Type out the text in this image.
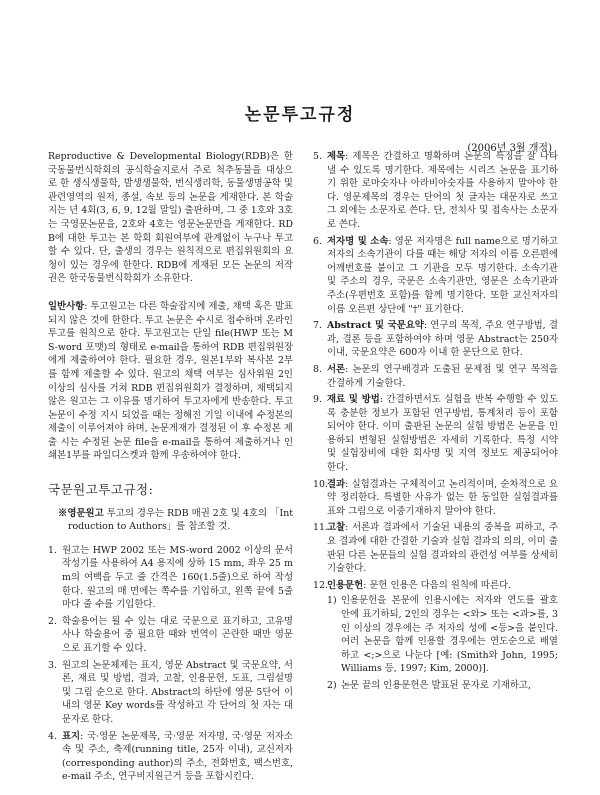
논문투고규정
(2006년 3월 개정)

Reproductive & Developmental Biology(RDB)은 한국동물번식학회의 공식학술지로서 주로 척추동물을 대상으로 한 생식생물학, 발생생물학, 번식생리학, 동물생명공학 및 관련영역의 원저, 종설, 속보 등의 논문을 게재한다. 본 학술지는 년 4회(3, 6, 9, 12월 말일) 출판하며, 그 중 1호와 3호는 국영문논문을, 2호와 4호는 영문논문만을 게재한다. RDB에 대한 투고는 본 학회 회원여부에 관계없이 누구나 투고할 수 있다. 단, 출생의 경우는 원칙적으로 편집위원회의 요청이 있는 경우에 한한다. RDB에 게재된 모든 논문의 저작권은 한국동물번식학회가 소유한다.

일반사항: 투고원고는 다른 학술잡지에 제출, 채택 혹은 발표되지 않은 것에 한한다. 투고 논문은 수시로 접수하며 온라인 투고를 원칙으로 한다. 투고원고는 단일 file(HWP 또는 MS-word 포맷)의 형태로 e-mail을 통하여 RDB 편집위원장에게 제출하여야 한다. 필요한 경우, 원본1부와 복사본 2부를 함께 제출할 수 있다. 원고의 채택 여부는 심사위원 2인 이상의 심사를 거쳐 RDB 편집위원회가 결정하며, 채택되지 않은 원고는 그 이유를 명기하여 투고자에게 반송한다. 투고 논문이 수정 지시 되었을 때는 정해진 기일 이내에 수정본의 제출이 이루어져야 하며, 논문게재가 결정된 이 후 수정본 제출 시는 수정된 논문 file을 e-mail을 통하여 제출하거나 인쇄본1부를 파일디스켓과 함께 우송하여야 한다.

국문원고투고규정:

※영문원고 투고의 경우는 RDB 매권 2호 및 4호의 「Introduction to Authors」를 참조할 것.

1. 원고는 HWP 2002 또는 MS-word 2002 이상의 문서작성기를 사용하여 A4 용지에 상하 15 mm, 좌우 25 mm의 여백을 두고 줄 간격은 160(1.5줄)으로 하여 작성한다. 원고의 매 면에는 쪽수를 기입하고, 왼쪽 끝에 5줄마다 줄 수를 기입한다.
2. 학술용어는 될 수 있는 대로 국문으로 표기하고, 고유명사나 학술용어 중 필요한 때와 번역이 곤란한 때만 영문으로 표기할 수 있다.
3. 원고의 논문체제는 표지, 영문 Abstract 및 국문요약, 서론, 재료 및 방법, 결과, 고찰, 인용문헌, 도표, 그림설명 및 그림 순으로 한다. Abstract의 하단에 영문 5단어 이내의 영문 Key words를 작성하고 각 단어의 첫 자는 대문자로 한다.
4. 표지: 국·영문 논문제목, 국·영문 저자명, 국·영문 저자소속 및 주소, 축제(running title, 25자 이내), 교신저자(corresponding author)의 주소, 전화번호, 팩스번호, e-mail 주소, 연구비지원근거 등을 포함시킨다.
5. 제목: 제목은 간결하고 명확하며 논문의 특징을 잘 나타낼 수 있도록 명기한다. 제목에는 시리즈 논문을 표기하기 위한 로마숫자나 아라비아숫자를 사용하지 말아야 한다. 영문제목의 경우는 단어의 첫 글자는 대문자로 쓰고 그 외에는 소문자로 쓴다. 단, 전치사 및 접속사는 소문자로 쓴다.
6. 저자명 및 소속: 영문 저자명은 full name으로 명기하고 저자의 소속기관이 다를 때는 해당 저자의 이름 오른편에 어깨번호를 붙이고 그 기관을 모두 명기한다. 소속기관 및 주소의 경우, 국문은 소속기관만, 영문은 소속기관과 주소(우편번호 포함)를 함께 명기한다. 또한 교신저자의 이름 오른편 상단에 "†" 표기한다.
7. Abstract 및 국문요약: 연구의 목적, 주요 연구방법, 결과, 결론 등을 포함하여야 하며 영문 Abstract는 250자 이내, 국문요약은 600자 이내 한 문단으로 한다.
8. 서론: 논문의 연구배경과 도출된 문제점 및 연구 목적을 간결하게 기술한다.
9. 재료 및 방법: 간결하면서도 실험을 반복 수행할 수 있도록 충분한 정보가 포함된 연구방법, 통계처리 등이 포함되어야 한다. 이미 출판된 논문의 실험 방법은 논문을 인용하되 변형된 실험방법은 자세히 기록한다. 특정 시약 및 실험장비에 대한 회사명 및 지역 정보도 제공되어야 한다.
10. 결과: 실험결과는 구체적이고 논리적이며, 순차적으로 요약 정리한다. 특별한 사유가 없는 한 동일한 실험결과를 표와 그림으로 이중기재하지 말아야 한다.
11. 고찰: 서론과 결과에서 기술된 내용의 중복을 피하고, 주요 결과에 대한 간결한 기술과 실험 결과의 의의, 이미 출판된 다른 논문들의 실험 결과와의 관련성 여부를 상세히 기술한다.
12. 인용문헌: 문헌 인용은 다음의 원칙에 따른다.
1) 인용문헌을 본문에 인용시에는 저자와 연도를 괄호 안에 표기하되, 2인의 경우는 <와> 또는 <과>를, 3인 이상의 경우에는 주 저자의 성에 <등>을 붙인다. 여러 논문을 함께 인용할 경우에는 연도순으로 배열하고 <;>으로 나눈다 [예: (Smith와 John, 1995; Williams 등, 1997; Kim, 2000)].
2) 논문 끝의 인용문헌은 발표된 문자로 기재하고,
